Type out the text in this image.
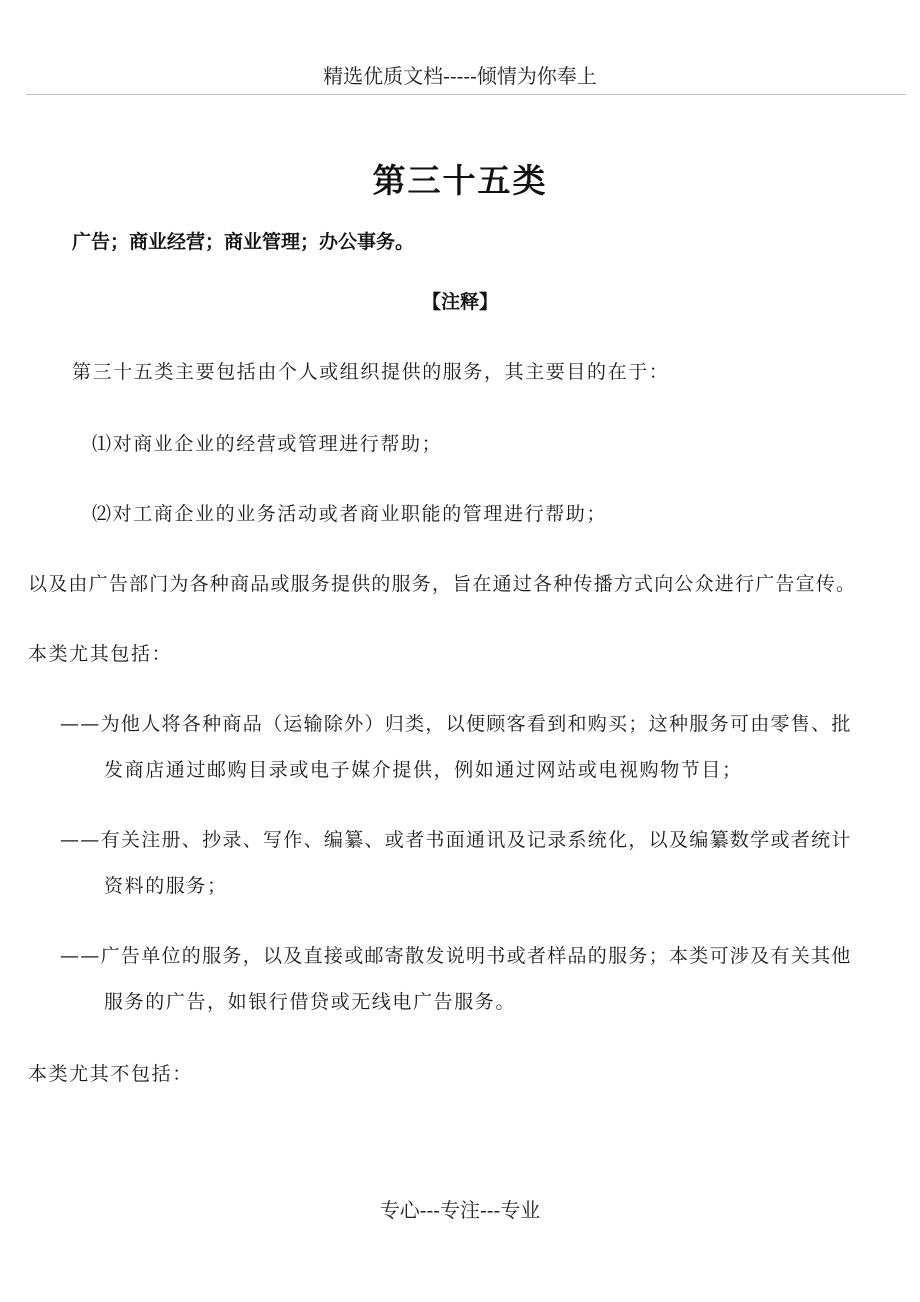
精选优质文档-----倾情为你奉上
第三十五类
广告；商业经营；商业管理；办公事务。
【注释】
第三十五类主要包括由个人或组织提供的服务，其主要目的在于：
⑴对商业企业的经营或管理进行帮助；
⑵对工商企业的业务活动或者商业职能的管理进行帮助；
以及由广告部门为各种商品或服务提供的服务，旨在通过各种传播方式向公众进行广告宣传。
本类尤其包括：
——为他人将各种商品（运输除外）归类，以便顾客看到和购买；这种服务可由零售、批
发商店通过邮购目录或电子媒介提供，例如通过网站或电视购物节目；
——有关注册、抄录、写作、编纂、或者书面通讯及记录系统化，以及编纂数学或者统计
资料的服务；
——广告单位的服务，以及直接或邮寄散发说明书或者样品的服务；本类可涉及有关其他
服务的广告，如银行借贷或无线电广告服务。
本类尤其不包括：
专心---专注---专业
